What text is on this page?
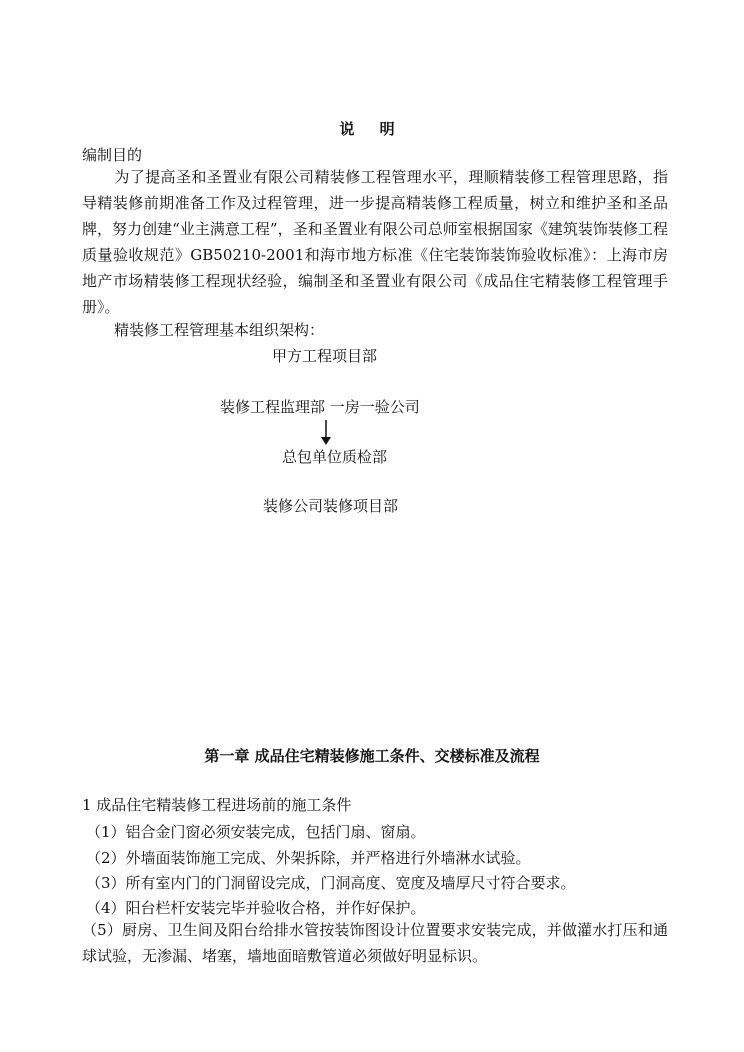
说 明
编制目的
为了提高圣和圣置业有限公司精装修工程管理水平，理顺精装修工程管理思路，指导精装修前期准备工作及过程管理，进一步提高精装修工程质量，树立和维护圣和圣品牌，努力创建“业主满意工程”，圣和圣置业有限公司总师室根据国家《建筑装饰装修工程质量验收规范》GB50210-2001和海市地方标准《住宅装饰装饰验收标准》：上海市房地产市场精装修工程现状经验，编制圣和圣置业有限公司《成品住宅精装修工程管理手册》。
精装修工程管理基本组织架构：
甲方工程项目部
装修工程监理部 一房一验公司
总包单位质检部
装修公司装修项目部
第一章 成品住宅精装修施工条件、交楼标准及流程
1 成品住宅精装修工程进场前的施工条件
（1）铝合金门窗必须安装完成，包括门扇、窗扇。
（2）外墙面装饰施工完成、外架拆除，并严格进行外墙淋水试验。
（3）所有室内门的门洞留设完成，门洞高度、宽度及墙厚尺寸符合要求。
（4）阳台栏杆安装完毕并验收合格，并作好保护。
（5）厨房、卫生间及阳台给排水管按装饰图设计位置要求安装完成，并做灌水打压和通球试验，无渗漏、堵塞，墙地面暗敷管道必须做好明显标识。
